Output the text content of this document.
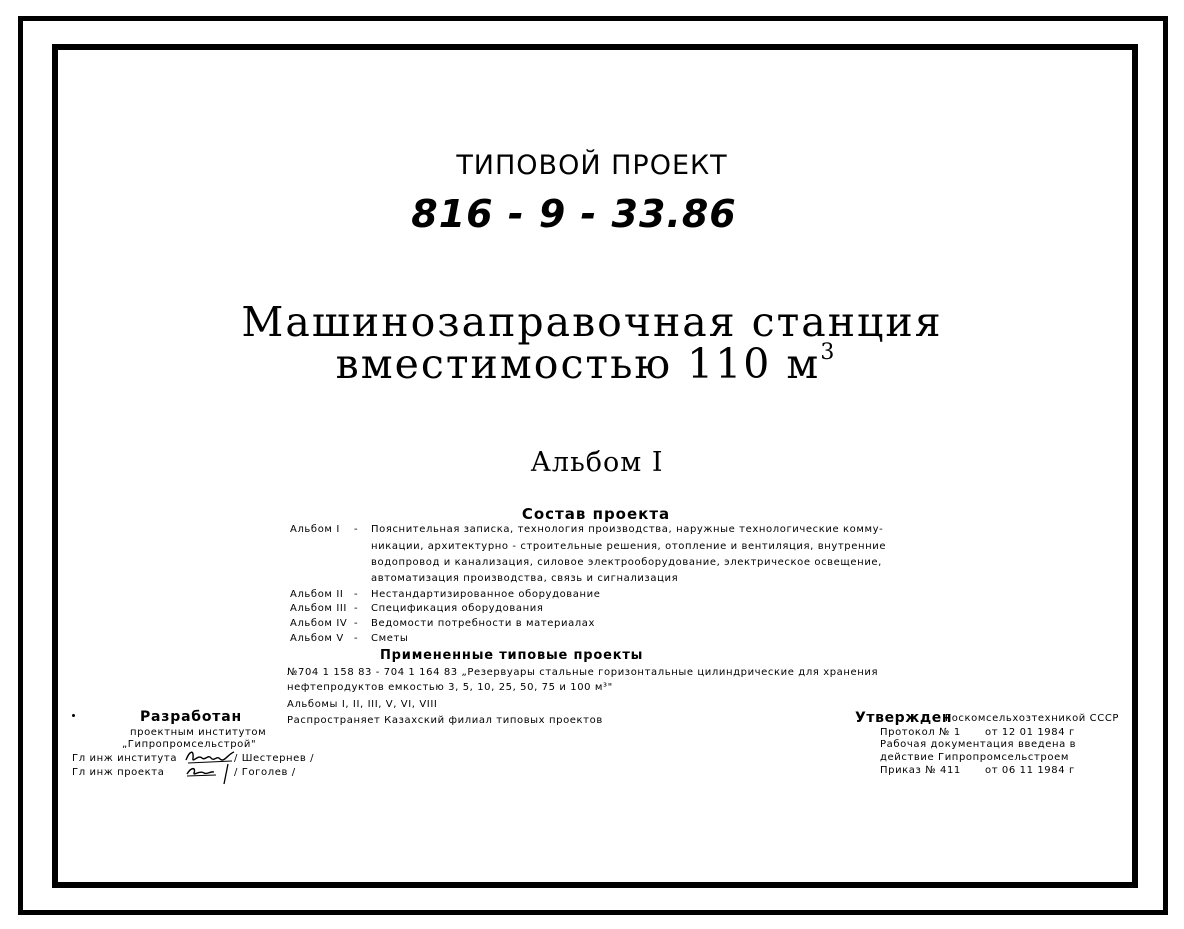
ТИПОВОЙ ПРОЕКТ
816 - 9 - 33.86
Машинозаправочная станция
вместимостью 110 $м^3$
Альбом I
Состав проекта
Альбом I - Пояснительная записка, технология производства, наружные технологические комму-
никации, архитектурно - строительные решения, отопление и вентиляция, внутренние
водопровод и канализация, силовое электрооборудование, электрическое освещение,
автоматизация производства, связь и сигнализация
Альбом II - Нестандартизированное оборудование
Альбом III - Спецификация оборудования
Альбом IV - Ведомости потребности в материалах
Альбом V - Сметы
Примененные типовые проекты
№704 1 158 83 - 704 1 164 83 „Резервуары стальные горизонтальные цилиндрические для хранения
нефтепродуктов емкостью 3, 5, 10, 25, 50, 75 и 100 м³"
Альбомы I, II, III, V, VI, VIII
Распространяет Казахский филиал типовых проектов
Разработан
проектным институтом
„Гипропромсельстрой"
Гл инж института	/ Шестернев /
Гл инж проекта	/ Гоголев /
Утвержден
Госкомсельхозтехникой СССР
Протокол № 1 от 12 01 1984 г
Рабочая документация введена в
действие Гипропромсельстроем
Приказ № 411 от 06 11 1984 г
